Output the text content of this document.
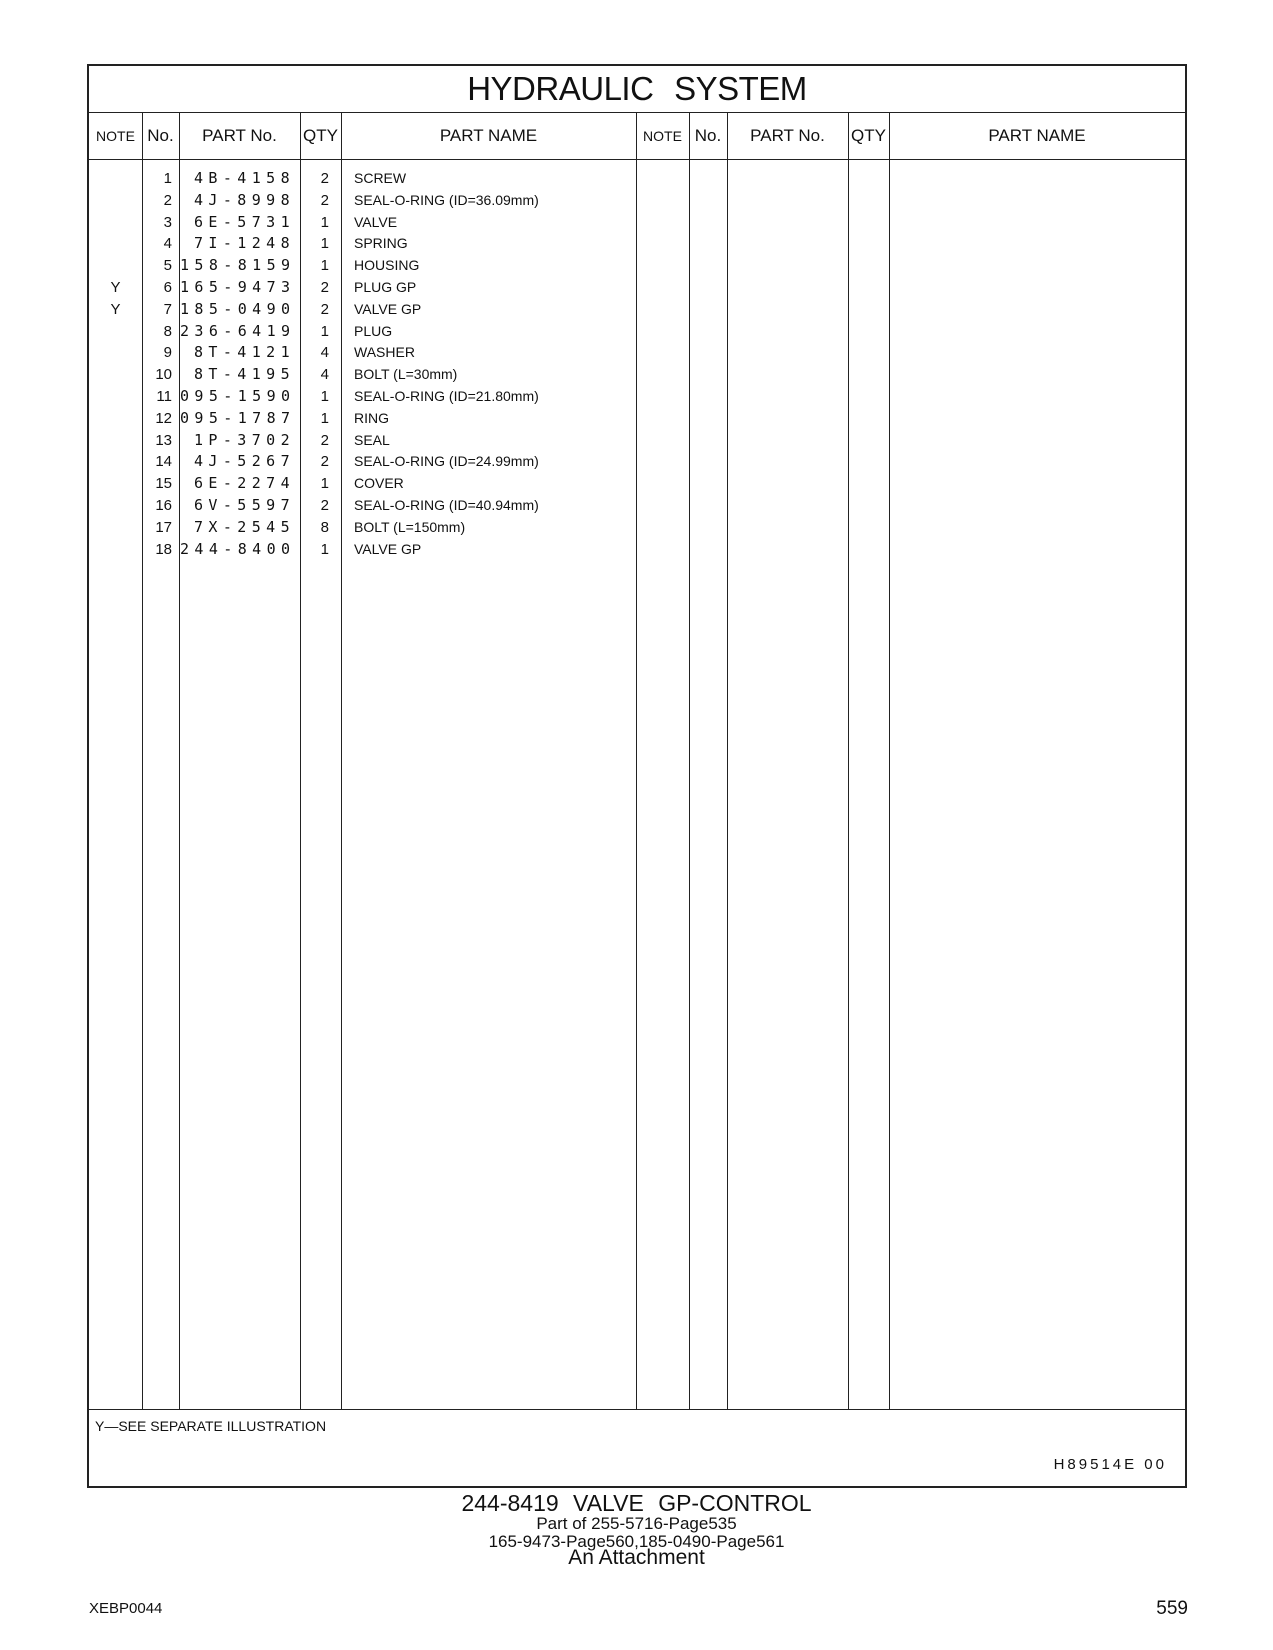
HYDRAULIC SYSTEM
NOTE No.	PART No.	QTY	PART NAME	NOTE No.	PART No.	QTY	PART NAME
1	4B-4158	2 SCREW
2	4J-8998	2 SEAL-O-RING (ID=36.09mm)
3	6E-5731	1 VALVE
4	7I-1248	1 SPRING
5 158-8159	1 HOUSING
Y	6 165-9473	2 PLUG GP
Y	7 185-0490	2 VALVE GP
8 236-6419	1 PLUG
9	8T-4121	4 WASHER
10	8T-4195	4 BOLT (L=30mm)
11 095-1590	1 SEAL-O-RING (ID=21.80mm)
12 095-1787	1 RING
13	1P-3702	2 SEAL
14	4J-5267	2 SEAL-O-RING (ID=24.99mm)
15	6E-2274	1 COVER
16	6V-5597	2 SEAL-O-RING (ID=40.94mm)
17	7X-2545	8 BOLT (L=150mm)
18 244-8400	1 VALVE GP
Y—SEE SEPARATE ILLUSTRATION
H89514E 00
244-8419 VALVE GP-CONTROL
Part of 255-5716-Page535
165-9473-Page560,185-0490-Page561
An Attachment
XEBP0044	559
